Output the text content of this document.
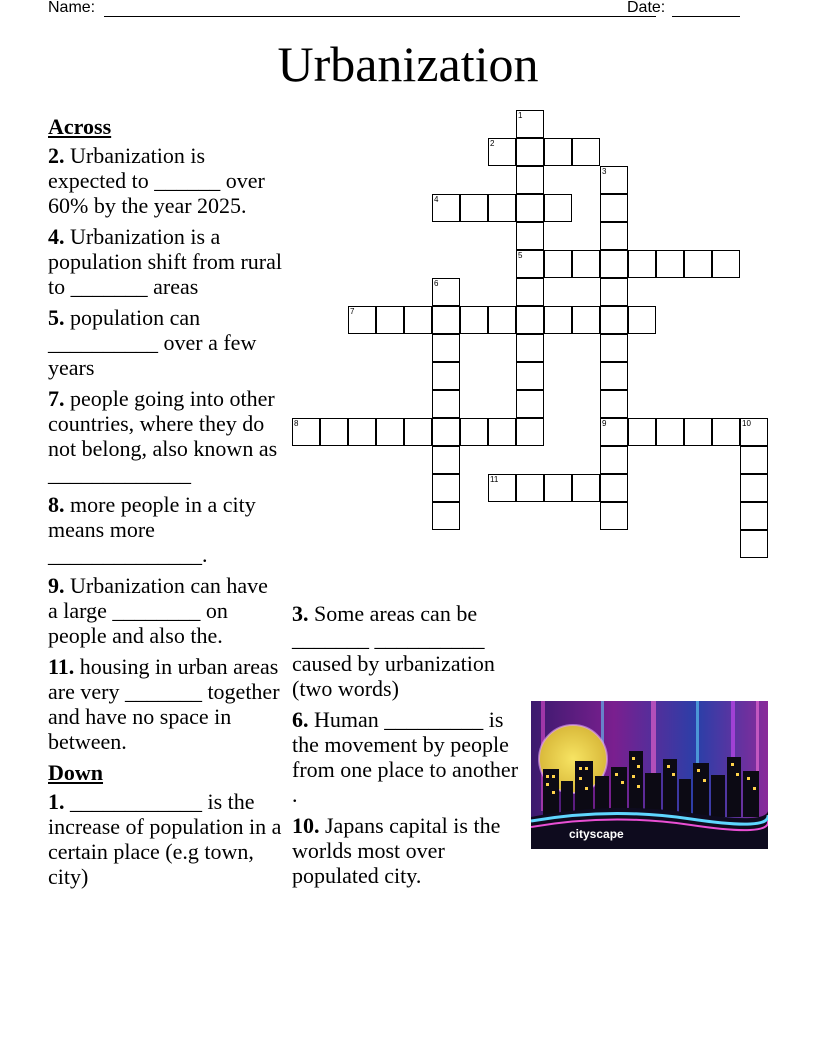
Name:	Date:
Urbanization
Across
2. Urbanization is expected to ______ over 60% by the year 2025.
4. Urbanization is a population shift from rural to _______ areas
5. population can __________ over a few years
7. people going into other countries, where they do not belong, also known as _____________
8. more people in a city means more ______________.
9. Urbanization can have a large ________ on people and also the.
11. housing in urban areas are very _______ together and have no space in between.
Down
1. ____________ is the increase of population in a certain place (e.g town, city)
3. Some areas can be _______ __________ caused by urbanization (two words)
6. Human _________ is the movement by people from one place to another .
10. Japans capital is the worlds most over populated city.
2
4
5
7
8	9	10
11
1
3
6
cityscape
